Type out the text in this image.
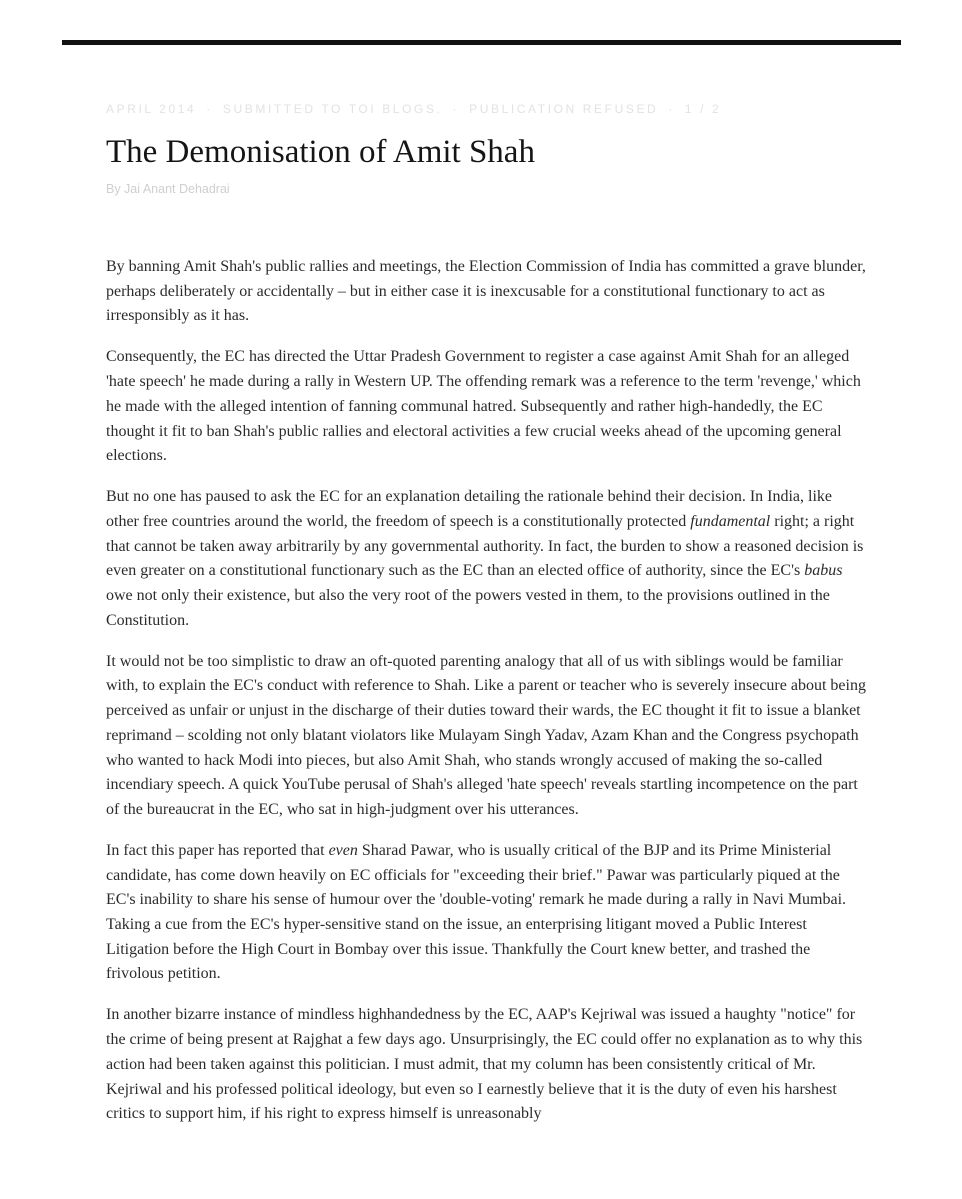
APRIL 2014 · SUBMITTED TO TOI BLOGS. · PUBLICATION REFUSED · 1 / 2
The Demonisation of Amit Shah
By Jai Anant Dehadrai

By banning Amit Shah's public rallies and meetings, the Election Commission of India has committed a grave blunder, perhaps deliberately or accidentally – but in either case it is inexcusable for a constitutional functionary to act as irresponsibly as it has.

Consequently, the EC has directed the Uttar Pradesh Government to register a case against Amit Shah for an alleged 'hate speech' he made during a rally in Western UP. The offending remark was a reference to the term 'revenge,' which he made with the alleged intention of fanning communal hatred. Subsequently and rather high-handedly, the EC thought it fit to ban Shah's public rallies and electoral activities a few crucial weeks ahead of the upcoming general elections.

But no one has paused to ask the EC for an explanation detailing the rationale behind their decision. In India, like other free countries around the world, the freedom of speech is a constitutionally protected fundamental right; a right that cannot be taken away arbitrarily by any governmental authority. In fact, the burden to show a reasoned decision is even greater on a constitutional functionary such as the EC than an elected office of authority, since the EC's babus owe not only their existence, but also the very root of the powers vested in them, to the provisions outlined in the Constitution.

It would not be too simplistic to draw an oft-quoted parenting analogy that all of us with siblings would be familiar with, to explain the EC's conduct with reference to Shah. Like a parent or teacher who is severely insecure about being perceived as unfair or unjust in the discharge of their duties toward their wards, the EC thought it fit to issue a blanket reprimand – scolding not only blatant violators like Mulayam Singh Yadav, Azam Khan and the Congress psychopath who wanted to hack Modi into pieces, but also Amit Shah, who stands wrongly accused of making the so-called incendiary speech. A quick YouTube perusal of Shah's alleged 'hate speech' reveals startling incompetence on the part of the bureaucrat in the EC, who sat in high-judgment over his utterances.

In fact this paper has reported that even Sharad Pawar, who is usually critical of the BJP and its Prime Ministerial candidate, has come down heavily on EC officials for "exceeding their brief." Pawar was particularly piqued at the EC's inability to share his sense of humour over the 'double-voting' remark he made during a rally in Navi Mumbai. Taking a cue from the EC's hyper-sensitive stand on the issue, an enterprising litigant moved a Public Interest Litigation before the High Court in Bombay over this issue. Thankfully the Court knew better, and trashed the frivolous petition.

In another bizarre instance of mindless highhandedness by the EC, AAP's Kejriwal was issued a haughty "notice" for the crime of being present at Rajghat a few days ago. Unsurprisingly, the EC could offer no explanation as to why this action had been taken against this politician. I must admit, that my column has been consistently critical of Mr. Kejriwal and his professed political ideology, but even so I earnestly believe that it is the duty of even his harshest critics to support him, if his right to express himself is unreasonably
